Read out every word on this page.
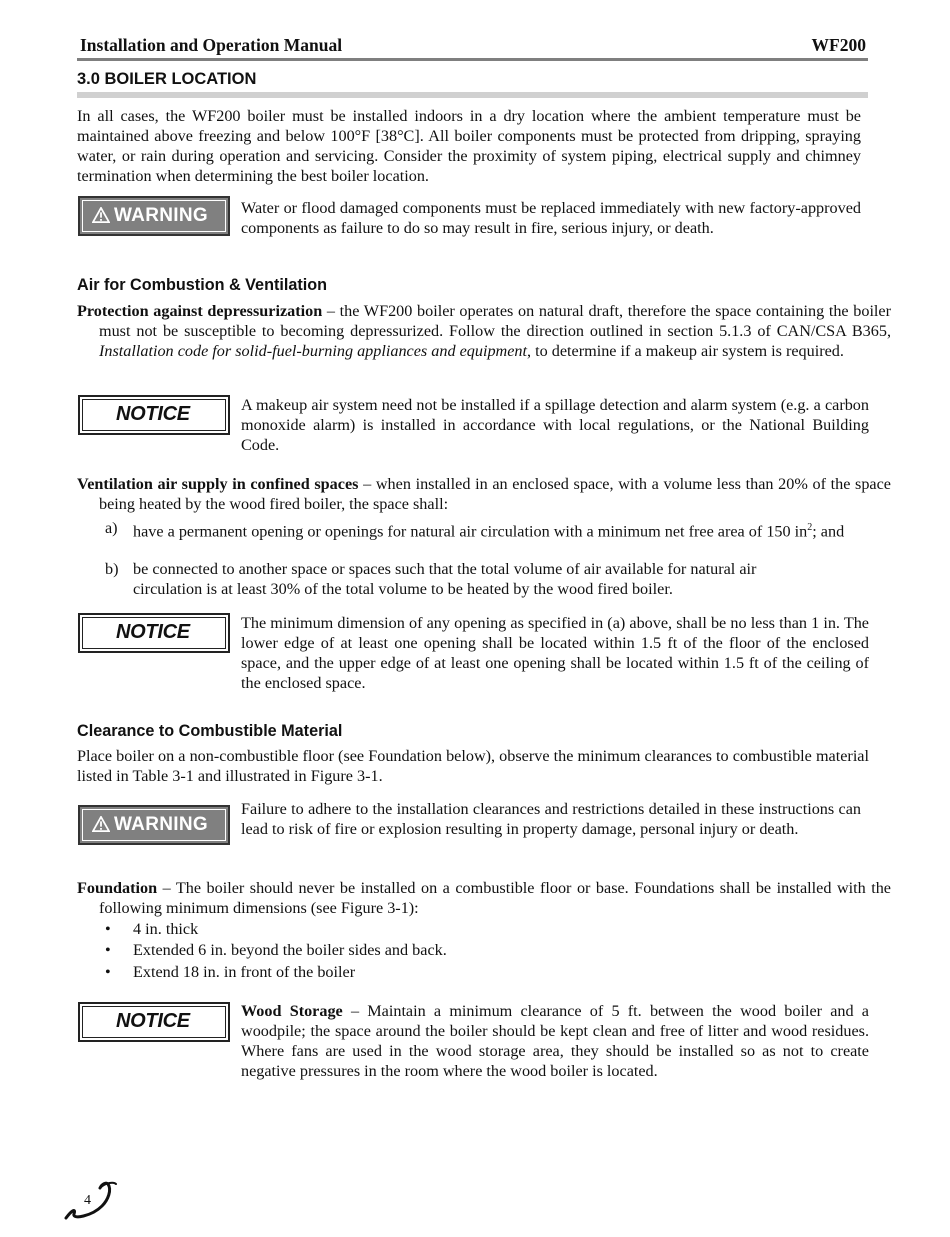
Installation and Operation Manual	WF200
3.0 BOILER LOCATION

In all cases, the WF200 boiler must be installed indoors in a dry location where the ambient temperature must be maintained above freezing and below 100°F [38°C]. All boiler components must be protected from dripping, spraying water, or rain during operation and servicing. Consider the proximity of system piping, electrical supply and chimney termination when determining the best boiler location.

WARNING Water or flood damaged components must be replaced immediately with new factory-approved components as failure to do so may result in fire, serious injury, or death.

Air for Combustion & Ventilation

Protection against depressurization – the WF200 boiler operates on natural draft, therefore the space containing the boiler must not be susceptible to becoming depressurized. Follow the direction outlined in section 5.1.3 of CAN/CSA B365, Installation code for solid-fuel-burning appliances and equipment, to determine if a makeup air system is required.

NOTICE	A makeup air system need not be installed if a spillage detection and alarm system (e.g. a carbon monoxide alarm) is installed in accordance with local regulations, or the National Building Code.

Ventilation air supply in confined spaces – when installed in an enclosed space, with a volume less than 20% of the space being heated by the wood fired boiler, the space shall:

a) have a permanent opening or openings for natural air circulation with a minimum net free area of 150 $in^2$; and
b) be connected to another space or spaces such that the total volume of air available for natural air circulation is at least 30% of the total volume to be heated by the wood fired boiler.
NOTICE	The minimum dimension of any opening as specified in (a) above, shall be no less than 1 in. The lower edge of at least one opening shall be located within 1.5 ft of the floor of the enclosed space, and the upper edge of at least one opening shall be located within 1.5 ft of the ceiling of the enclosed space.

Clearance to Combustible Material

Place boiler on a non-combustible floor (see Foundation below), observe the minimum clearances to combustible material listed in Table 3-1 and illustrated in Figure 3-1.

WARNING

Failure to adhere to the installation clearances and restrictions detailed in these instructions can lead to risk of fire or explosion resulting in property damage, personal injury or death.

Foundation – The boiler should never be installed on a combustible floor or base. Foundations shall be installed with the following minimum dimensions (see Figure 3-1):

• 4 in. thick
• Extended 6 in. beyond the boiler sides and back.
• Extend 18 in. in front of the boiler
NOTICE	Wood Storage – Maintain a minimum clearance of 5 ft. between the wood boiler and a woodpile; the space around the boiler should be kept clean and free of litter and wood residues. Where fans are used in the wood storage area, they should be installed so as not to create negative pressures in the room where the wood boiler is located.

4
